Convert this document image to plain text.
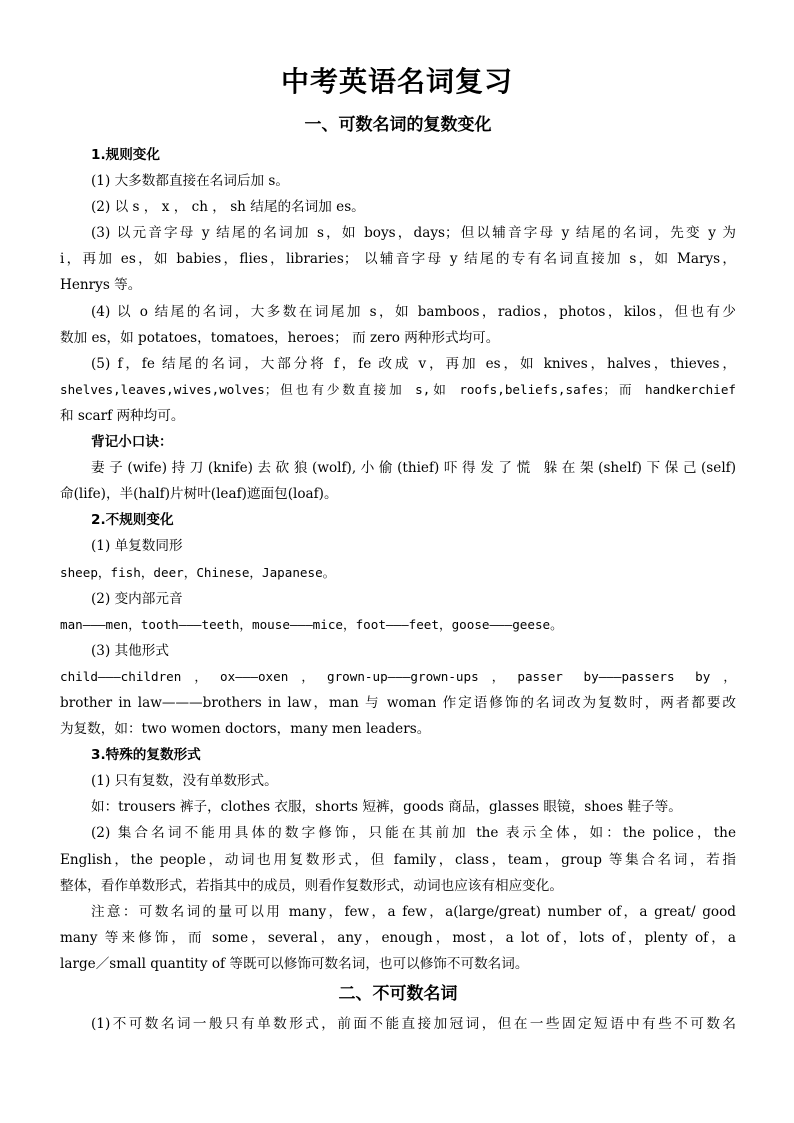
中考英语名词复习
一、可数名词的复数变化

1.规则变化

(1) 大多数都直接在名词后加 s。

(2) 以 s ， x ， ch ， sh 结尾的名词加 es。

(3) 以元音字母 y 结尾的名词加 s，如 boys，days；但以辅音字母 y 结尾的名词，先变 y 为

i，再加 es，如 babies，flies，libraries； 以辅音字母 y 结尾的专有名词直接加 s，如 Marys，

Henrys 等。

(4) 以 o 结尾的名词，大多数在词尾加 s，如 bamboos，radios，photos，kilos，但也有少

数加 es，如 potatoes，tomatoes，heroes； 而 zero 两种形式均可。

(5) f，fe 结尾的名词，大部分将 f，fe 改成 v，再加 es，如 knives，halves，thieves，

shelves,leaves,wives,wolves；但也有少数直接加 s,如 roofs,beliefs,safes；而 handkerchief

和 scarf 两种均可。

背记小口诀：

妻子(wife)持刀(knife)去砍狼(wolf),小偷(thief)吓得发了慌 躲在架(shelf)下保己(self)

命(life)，半(half)片树叶(leaf)遮面包(loaf)。

2.不规则变化

(1) 单复数同形

sheep，fish，deer，Chinese，Japanese。

(2) 变内部元音

man———men，tooth———teeth，mouse———mice，foot———feet，goose———geese。

(3) 其他形式

child———children，ox———oxen，grown-up———grown-ups，passer by———passers by，

brother in law———brothers in law，man 与 woman 作定语修饰的名词改为复数时，两者都要改

为复数，如：two women doctors，many men leaders。

3.特殊的复数形式

(1) 只有复数，没有单数形式。

如：trousers 裤子，clothes 衣服，shorts 短裤，goods 商品，glasses 眼镜，shoes 鞋子等。

(2) 集合名词不能用具体的数字修饰，只能在其前加 the 表示全体，如：the police，the

English，the people，动词也用复数形式，但 family，class，team，group 等集合名词，若指

整体，看作单数形式，若指其中的成员，则看作复数形式，动词也应该有相应变化。

注意：可数名词的量可以用 many，few，a few，a(large/great) number of，a great/ good

many 等来修饰，而 some，several，any，enough，most，a lot of，lots of，plenty of，a

large／small quantity of 等既可以修饰可数名词，也可以修饰不可数名词。

二、不可数名词

(1)不可数名词一般只有单数形式，前面不能直接加冠词，但在一些固定短语中有些不可数名
